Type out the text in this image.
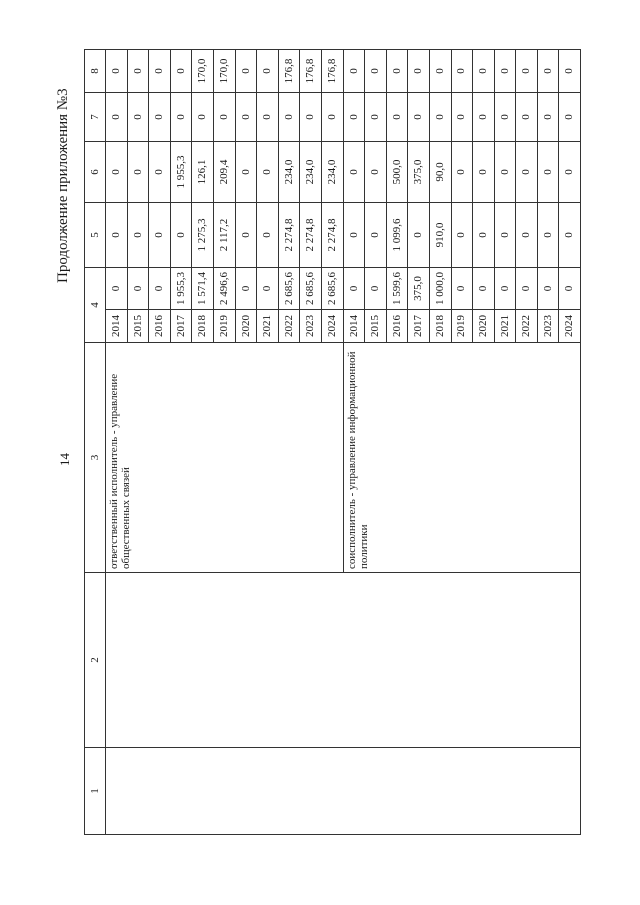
14
Продолжение приложения №3
1	2	3	4		5	6	7	8
		ответственный исполнитель - управление общественных связей	2014	0	0	0	0	0
			2015	0	0	0	0	0
			2016	0	0	0	0	0
			2017	1 955,3	0	1 955,3	0	0
			2018	1 571,4	1 275,3	126,1	0	170,0
			2019	2 496,6	2 117,2	209,4	0	170,0
			2020	0	0	0	0	0
			2021	0	0	0	0	0
			2022	2 685,6	2 274,8	234,0	0	176,8
			2023	2 685,6	2 274,8	234,0	0	176,8
			2024	2 685,6	2 274,8	234,0	0	176,8
		соисполнитель - управление информационной политики	2014	0	0	0	0	0
			2015	0	0	0	0	0
			2016	1 599,6	1 099,6	500,0	0	0
			2017	375,0	0	375,0	0	0
			2018	1 000,0	910,0	90,0	0	0
			2019	0	0	0	0	0
			2020	0	0	0	0	0
			2021	0	0	0	0	0
			2022	0	0	0	0	0
			2023	0	0	0	0	0
			2024	0	0	0	0	0
